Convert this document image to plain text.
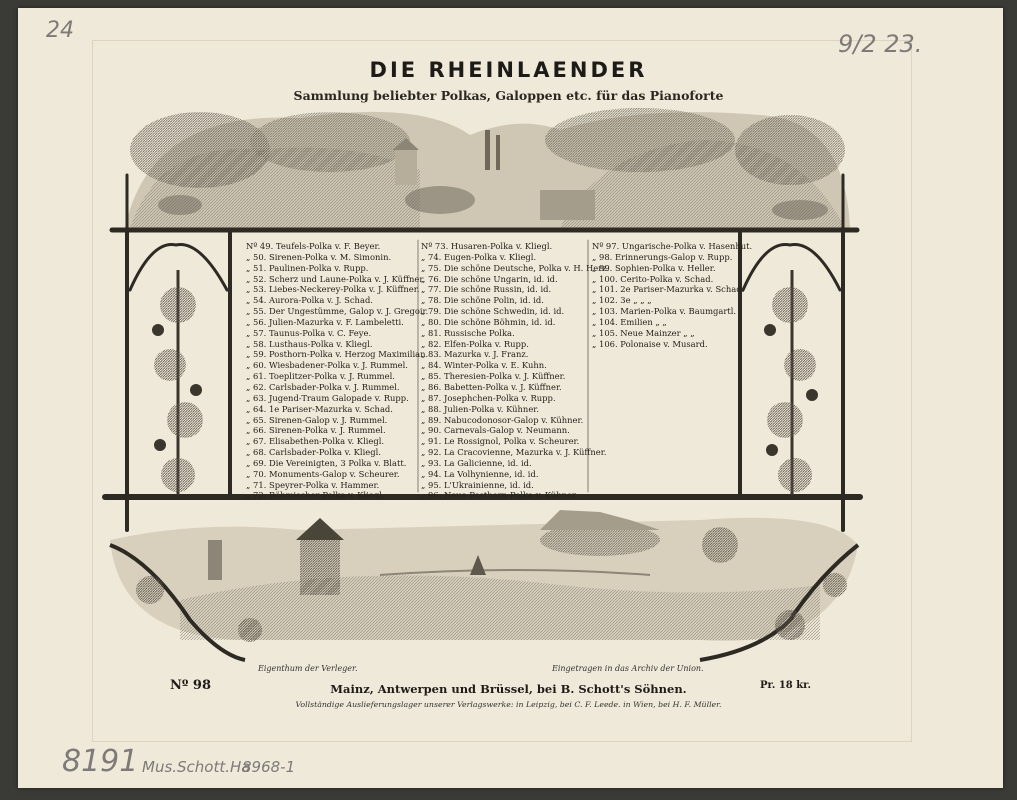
24	9/2 23.
8191 Mus.Schott.Ha
8968-1
DIE RHEINLAENDER
Sammlung beliebter Polkas, Galoppen etc. für das Pianoforte
Nº 49. Teufels-Polka v. F. Beyer.
„ 50. Sirenen-Polka v. M. Simonin.
„ 51. Paulinen-Polka v. Rupp.
„ 52. Scherz und Laune-Polka v. J. Küffner.
„ 53. Liebes-Neckerey-Polka v. J. Küffner.
„ 54. Aurora-Polka v. J. Schad.
„ 55. Der Ungestümme, Galop v. J. Gregoir.
„ 56. Julien-Mazurka v. F. Lambeletti.
„ 57. Taunus-Polka v. C. Feye.
„ 58. Lusthaus-Polka v. Kliegl.
„ 59. Posthorn-Polka v. Herzog Maximilian.
„ 60. Wiesbadener-Polka v. J. Rummel.
„ 61. Toeplitzer-Polka v. J. Rummel.
„ 62. Carlsbader-Polka v. J. Rummel.
„ 63. Jugend-Traum Galopade v. Rupp.
„ 64. 1e Pariser-Mazurka v. Schad.
„ 65. Sirenen-Galop v. J. Rummel.
„ 66. Sirenen-Polka v. J. Rummel.
„ 67. Elisabethen-Polka v. Kliegl.
„ 68. Carlsbader-Polka v. Kliegl.
„ 69. Die Vereinigten, 3 Polka v. Blatt.
„ 70. Monuments-Galop v. Scheurer.
„ 71. Speyrer-Polka v. Hammer.
„ 72. Böhmischer-Polka v. Kliegl.
Nº 73. Husaren-Polka v. Kliegl.
„ 74. Eugen-Polka v. Kliegl.
„ 75. Die schöne Deutsche, Polka v. H. Herz.
„ 76. Die schöne Ungarin, id. id.
„ 77. Die schöne Russin, id. id.
„ 78. Die schöne Polin, id. id.
„ 79. Die schöne Schwedin, id. id.
„ 80. Die schöne Böhmin, id. id.
„ 81. Russische Polka.
„ 82. Elfen-Polka v. Rupp.
„ 83. Mazurka v. J. Franz.
„ 84. Winter-Polka v. E. Kuhn.
„ 85. Theresien-Polka v. J. Küffner.
„ 86. Babetten-Polka v. J. Küffner.
„ 87. Josephchen-Polka v. Rupp.
„ 88. Julien-Polka v. Kühner.
„ 89. Nabucodonosor-Galop v. Kühner.
„ 90. Carnevals-Galop v. Neumann.
„ 91. Le Rossignol, Polka v. Scheurer.
„ 92. La Cracovienne, Mazurka v. J. Küffner.
„ 93. La Galicienne, id. id.
„ 94. La Volhynienne, id. id.
„ 95. L'Ukrainienne, id. id.
„ 96. Neue Posthorn-Polka v. Kühner.
Nº 97. Ungarische-Polka v. Hasenhut.
„ 98. Erinnerungs-Galop v. Rupp.
„ 99. Sophien-Polka v. Heller.
„ 100. Cerito-Polka v. Schad.
„ 101. 2e Pariser-Mazurka v. Schad.
„ 102. 3e „ „ „
„ 103. Marien-Polka v. Baumgartl.
„ 104. Emilien „ „
„ 105. Neue Mainzer „ „
„ 106. Polonaise v. Musard.
Eigenthum der Verleger.	Eingetragen in das Archiv der Union.
Nº 98	Mainz, Antwerpen und Brüssel, bei B. Schott's Söhnen.	Pr. 18 kr.
Vollständige Auslieferungslager unserer Verlagswerke: in Leipzig, bei C. F. Leede. in Wien, bei H. F. Müller.
